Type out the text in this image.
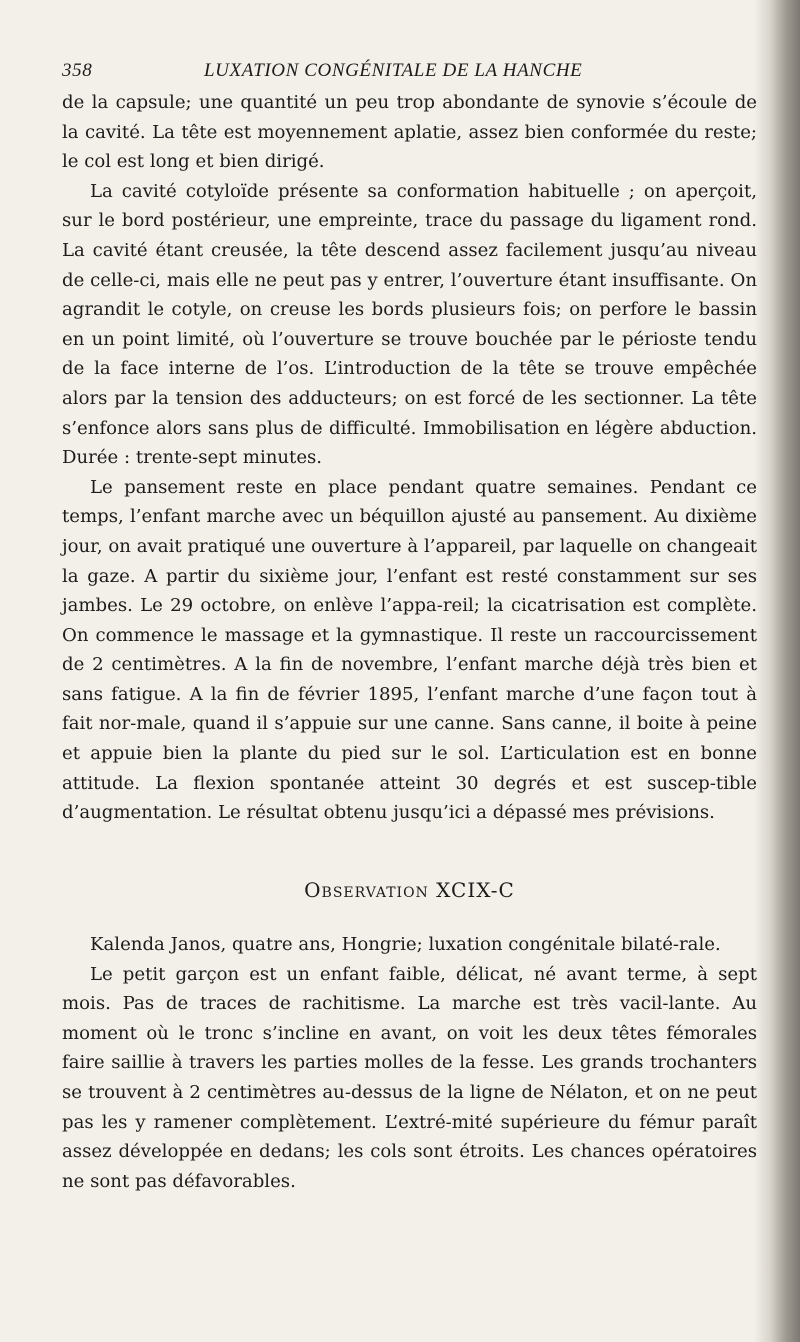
358	LUXATION CONGÉNITALE DE LA HANCHE

de la capsule; une quantité un peu trop abondante de synovie s’écoule de la cavité. La tête est moyennement aplatie, assez bien conformée du reste; le col est long et bien dirigé.

La cavité cotyloïde présente sa conformation habituelle ; on aperçoit, sur le bord postérieur, une empreinte, trace du passage du ligament rond. La cavité étant creusée, la tête descend assez facilement jusqu’au niveau de celle-ci, mais elle ne peut pas y entrer, l’ouverture étant insuffisante. On agrandit le cotyle, on creuse les bords plusieurs fois; on perfore le bassin en un point limité, où l’ouverture se trouve bouchée par le périoste tendu de la face interne de l’os. L’introduction de la tête se trouve empêchée alors par la tension des adducteurs; on est forcé de les sectionner. La tête s’enfonce alors sans plus de difficulté. Immobilisation en légère abduction. Durée : trente-sept minutes.

Le pansement reste en place pendant quatre semaines. Pendant ce temps, l’enfant marche avec un béquillon ajusté au pansement. Au dixième jour, on avait pratiqué une ouverture à l’appareil, par laquelle on changeait la gaze. A partir du sixième jour, l’enfant est resté constamment sur ses jambes. Le 29 octobre, on enlève l’appa-reil; la cicatrisation est complète. On commence le massage et la gymnastique. Il reste un raccourcissement de 2 centimètres. A la fin de novembre, l’enfant marche déjà très bien et sans fatigue. A la fin de février 1895, l’enfant marche d’une façon tout à fait nor-male, quand il s’appuie sur une canne. Sans canne, il boite à peine et appuie bien la plante du pied sur le sol. L’articulation est en bonne attitude. La flexion spontanée atteint 30 degrés et est suscep-tible d’augmentation. Le résultat obtenu jusqu’ici a dépassé mes prévisions.

Observation XCIX-C

Kalenda Janos, quatre ans, Hongrie; luxation congénitale bilaté-rale.

Le petit garçon est un enfant faible, délicat, né avant terme, à sept mois. Pas de traces de rachitisme. La marche est très vacil-lante. Au moment où le tronc s’incline en avant, on voit les deux têtes fémorales faire saillie à travers les parties molles de la fesse. Les grands trochanters se trouvent à 2 centimètres au-dessus de la ligne de Nélaton, et on ne peut pas les y ramener complètement. L’extré-mité supérieure du fémur paraît assez développée en dedans; les cols sont étroits. Les chances opératoires ne sont pas défavorables.
